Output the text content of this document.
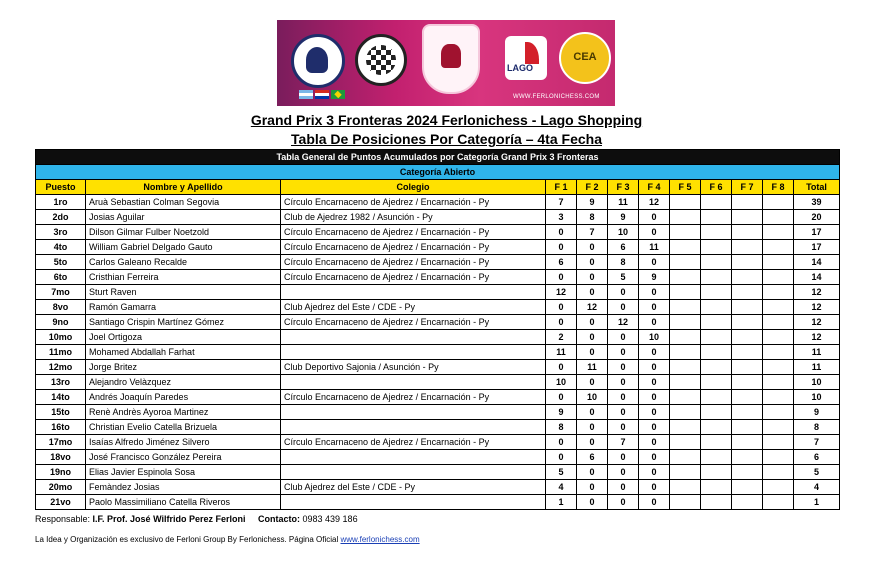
LAGO
CEA
WWW.FERLONICHESS.COM
Grand Prix 3 Fronteras 2024 Ferlonichess - Lago Shopping
Tabla De Posiciones Por Categoría – 4ta Fecha
Tabla General de Puntos Acumulados por Categoría Grand Prix 3 Fronteras											
Categoría Abierto											
Puesto	Nombre y Apellido	Colegio	F 1	F 2	F 3	F 4	F 5	F 6	F 7	F 8	Total
1ro	Aruà Sebastian Colman Segovia	Círculo Encarnaceno de Ajedrez / Encarnación - Py	7	9	11	12					39
2do	Josias Aguilar	Club de Ajedrez 1982 / Asunción - Py	3	8	9	0					20
3ro	Dilson Gilmar Fulber Noetzold	Círculo Encarnaceno de Ajedrez / Encarnación - Py	0	7	10	0					17
4to	William Gabriel Delgado Gauto	Círculo Encarnaceno de Ajedrez / Encarnación - Py	0	0	6	11					17
5to	Carlos Galeano Recalde	Círculo Encarnaceno de Ajedrez / Encarnación - Py	6	0	8	0					14
6to	Cristhian Ferreira	Círculo Encarnaceno de Ajedrez / Encarnación - Py	0	0	5	9					14
7mo	Sturt Raven		12	0	0	0					12
8vo	Ramón Gamarra	Club Ajedrez del Este / CDE - Py	0	12	0	0					12
9no	Santiago Crispin Martínez Gómez	Círculo Encarnaceno de Ajedrez / Encarnación - Py	0	0	12	0					12
10mo	Joel Ortigoza		2	0	0	10					12
11mo	Mohamed Abdallah Farhat		11	0	0	0					11
12mo	Jorge Britez	Club Deportivo Sajonia / Asunción - Py	0	11	0	0					11
13ro	Alejandro Velàzquez		10	0	0	0					10
14to	Andrés Joaquín Paredes	Círculo Encarnaceno de Ajedrez / Encarnación - Py	0	10	0	0					10
15to	Renè Andrès Ayoroa Martinez		9	0	0	0					9
16to	Christian Evelio Catella Brizuela		8	0	0	0					8
17mo	Isaías Alfredo Jiménez Silvero	Círculo Encarnaceno de Ajedrez / Encarnación - Py	0	0	7	0					7
18vo	José Francisco González Pereira		0	6	0	0					6
19no	Elias Javier Espinola Sosa		5	0	0	0					5
20mo	Femàndez Josias	Club Ajedrez del Este / CDE - Py	4	0	0	0					4
21vo	Paolo Massimiliano Catella Riveros		1	0	0	0					1
Responsable: I.F. Prof. José Wilfrido Perez Ferloni Contacto: 0983 439 186
La Idea y Organización es exclusivo de Ferloni Group By Ferlonichess. Página Oficial www.ferlonichess.com
